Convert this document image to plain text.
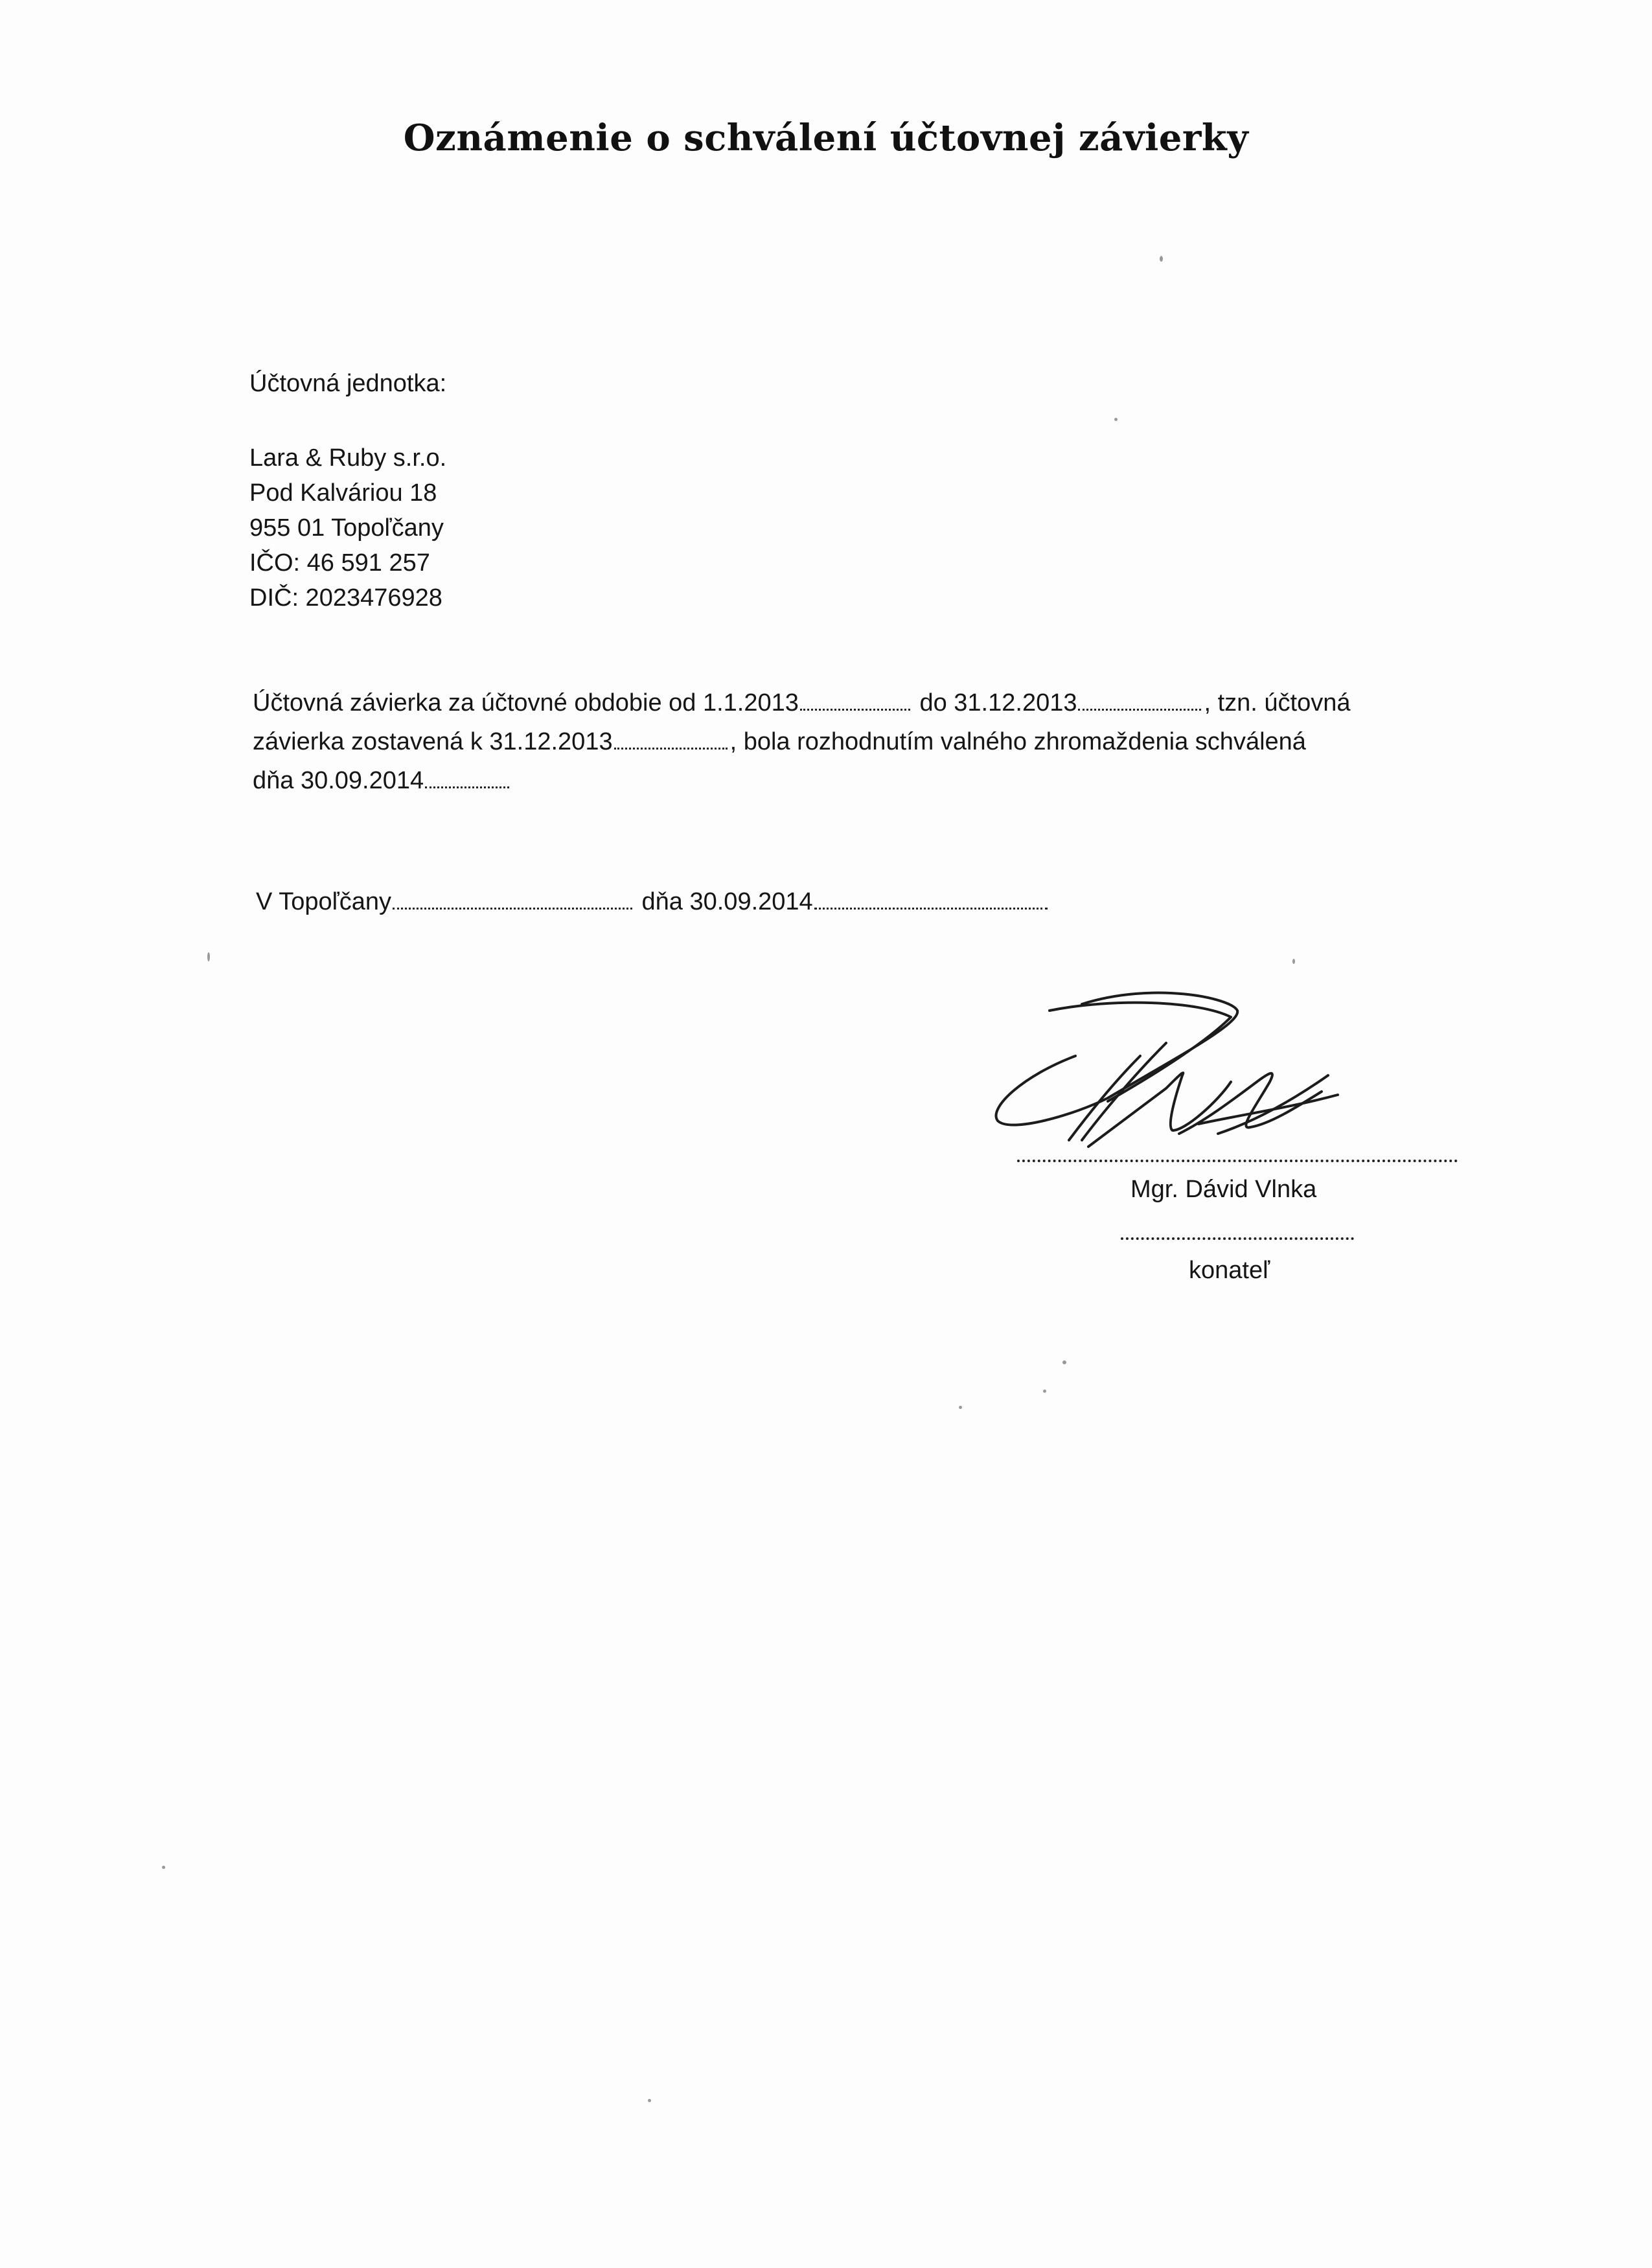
Oznámenie o schválení účtovnej závierky
Účtovná jednotka:
Lara & Ruby s.r.o.
Pod Kalváriou 18
955 01 Topoľčany
IČO: 46 591 257
DIČ: 2023476928
Účtovná závierka za účtovné obdobie od 1.1.2013	do 31.12.2013	, tzn. účtovná
závierka zostavená k 31.12.2013	, bola rozhodnutím valného zhromaždenia schválená
dňa 30.09.2014
V Topoľčany	dňa 30.09.2014
Mgr. Dávid Vlnka
konateľ
